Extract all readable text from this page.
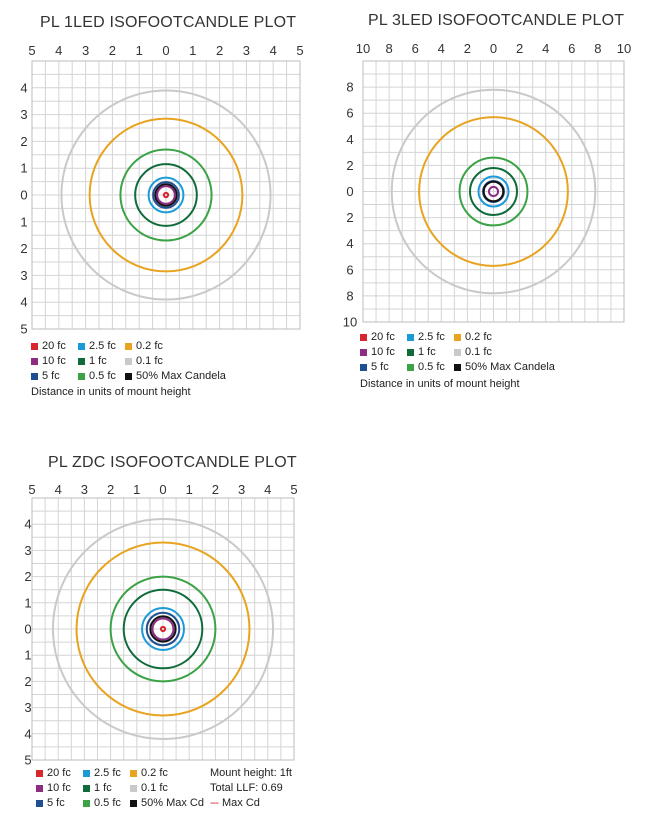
PL 1LED ISOFOOTCANDLE PLOT
5 4 3 2 1 0 1 2 3 4 5
4
3
2
1
0
1
2
3
4
5
20 fc 2.5 fc 0.2 fc
10 fc 1 fc	0.1 fc
5 fc	0.5 fc 50% Max Candela
Distance in units of mount height
PL 3LED ISOFOOTCANDLE PLOT
10 8 6 4 2 0 2 4 6 8 10
8
6
4
2
0
2
4
6
8
10
20 fc 2.5 fc 0.2 fc
10 fc 1 fc	0.1 fc
5 fc	0.5 fc 50% Max Candela
Distance in units of mount height
PL ZDC ISOFOOTCANDLE PLOT
5 4 3 2 1 0 1 2 3 4 5
4
3
2
1
0
1
2
3
4
5
20 fc 2.5 fc 0.2 fc
10 fc 1 fc	0.1 fc
5 fc	0.5 fc 50% Max Cd
Mount height: 1ft
Total LLF: 0.69
--- Max Cd
